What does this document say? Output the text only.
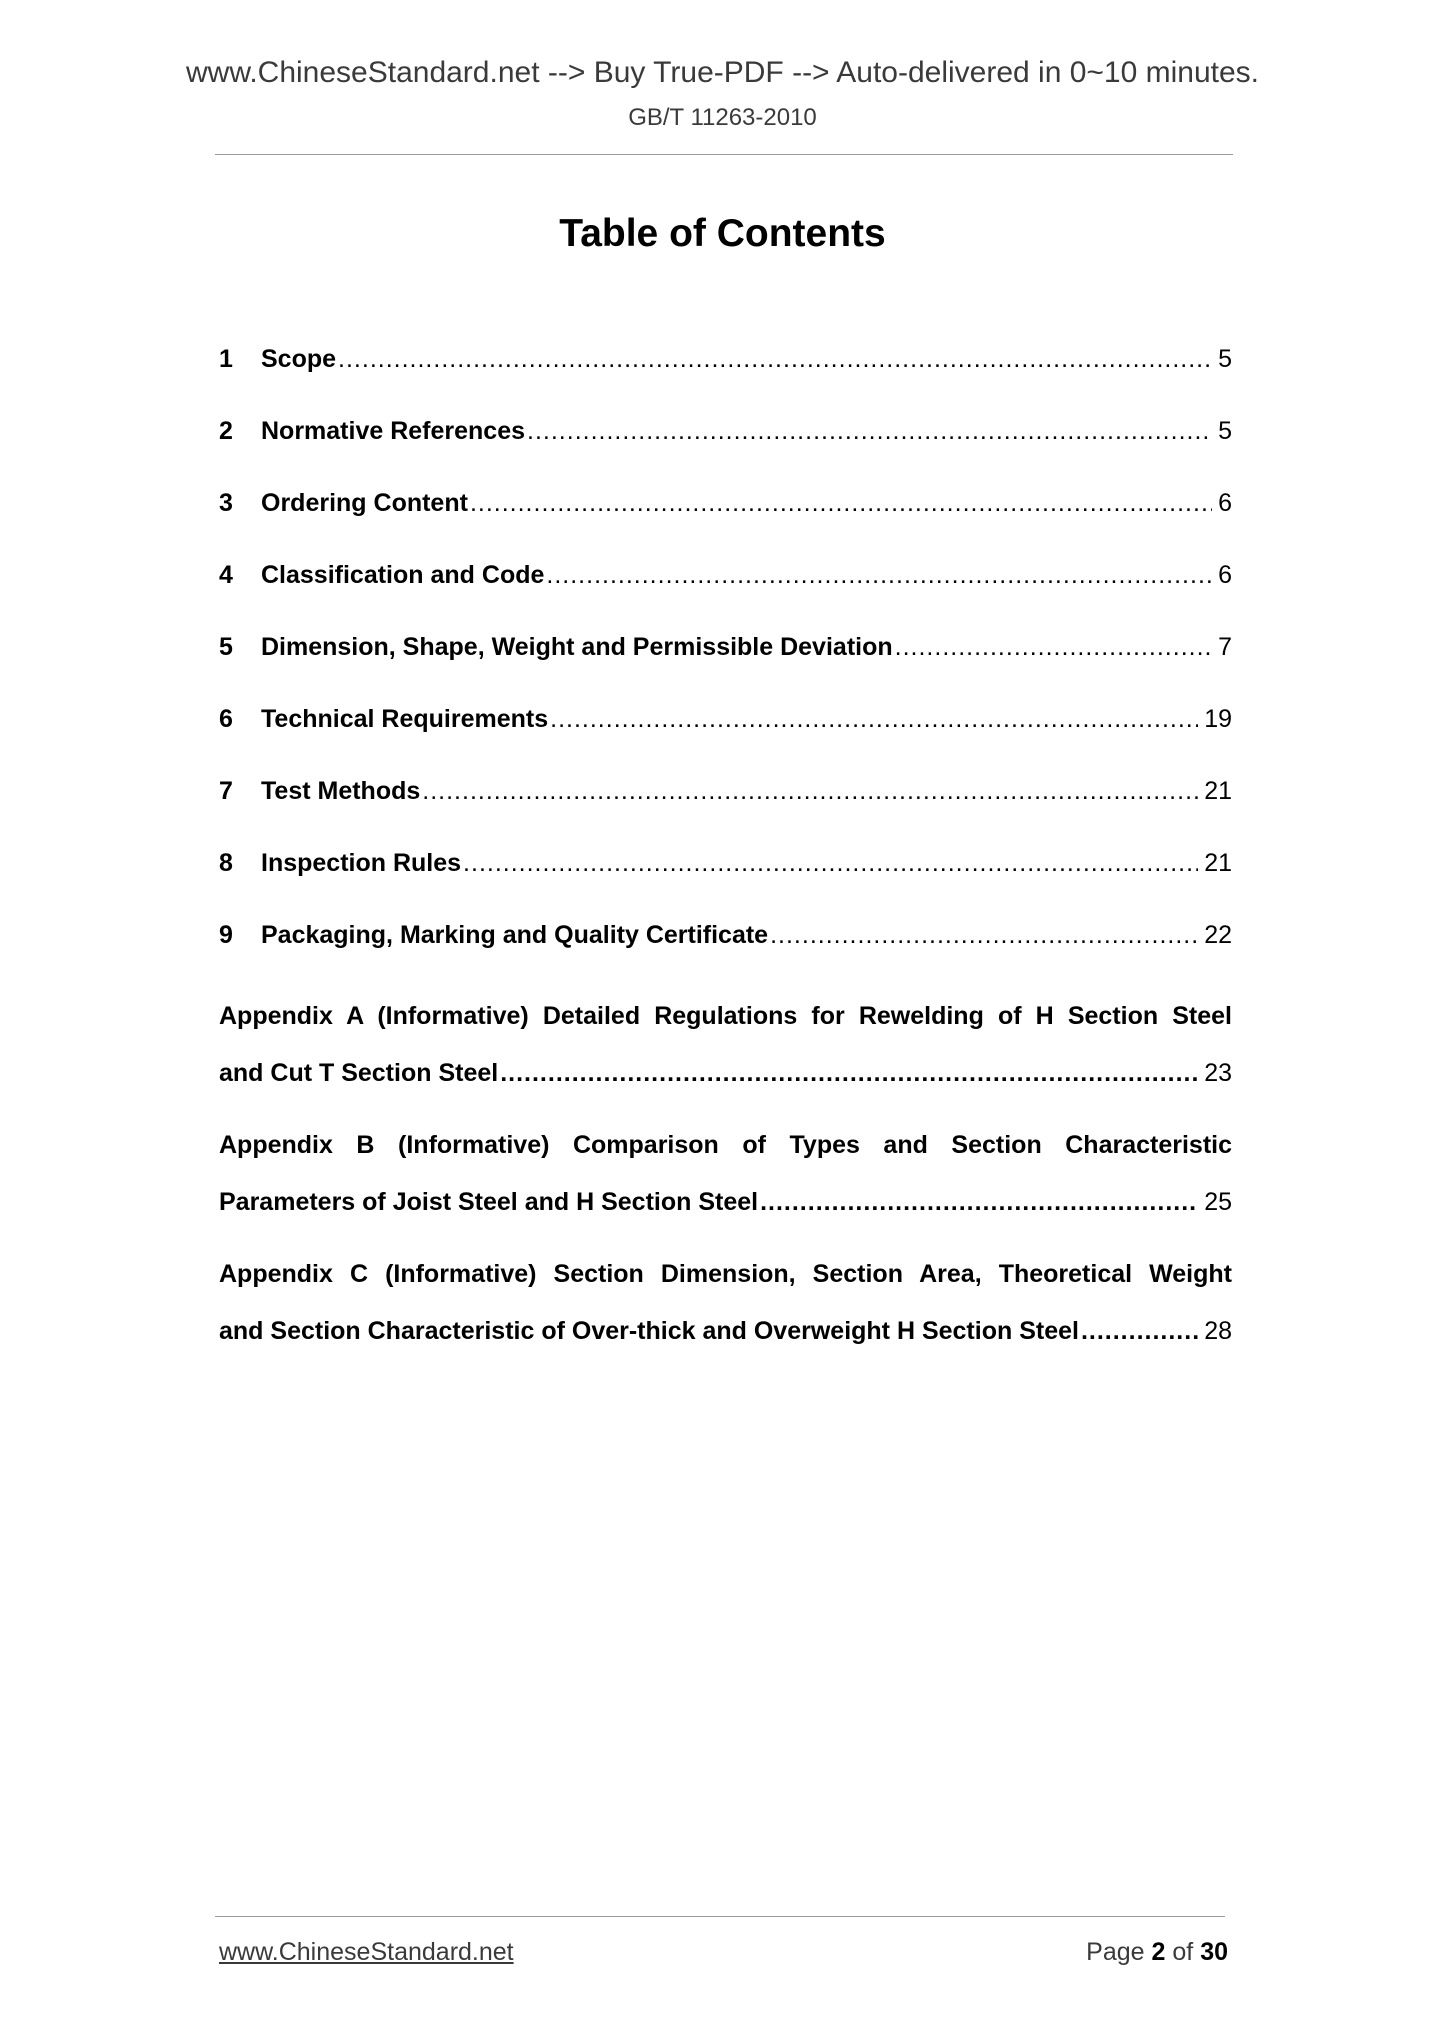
www.ChineseStandard.net --> Buy True-PDF --> Auto-delivered in 0~10 minutes.
GB/T 11263-2010
Table of Contents
1	Scope .....	5
2	Normative References .....	5
3	Ordering Content .....	6
4	Classification and Code .....	6
5	Dimension, Shape, Weight and Permissible Deviation .....	7
6	Technical Requirements .....	19
7	Test Methods .....	21
8	Inspection Rules .....	21
9	Packaging, Marking and Quality Certificate .....	22
Appendix A (Informative) Detailed Regulations for Rewelding of H Section Steel
and Cut T Section Steel .....	23
Appendix B (Informative) Comparison of Types and Section Characteristic
Parameters of Joist Steel and H Section Steel .....	25
Appendix C (Informative) Section Dimension, Section Area, Theoretical Weight
and Section Characteristic of Over-thick and Overweight H Section Steel .....	28
www.ChineseStandard.net	Page 2 of 30
